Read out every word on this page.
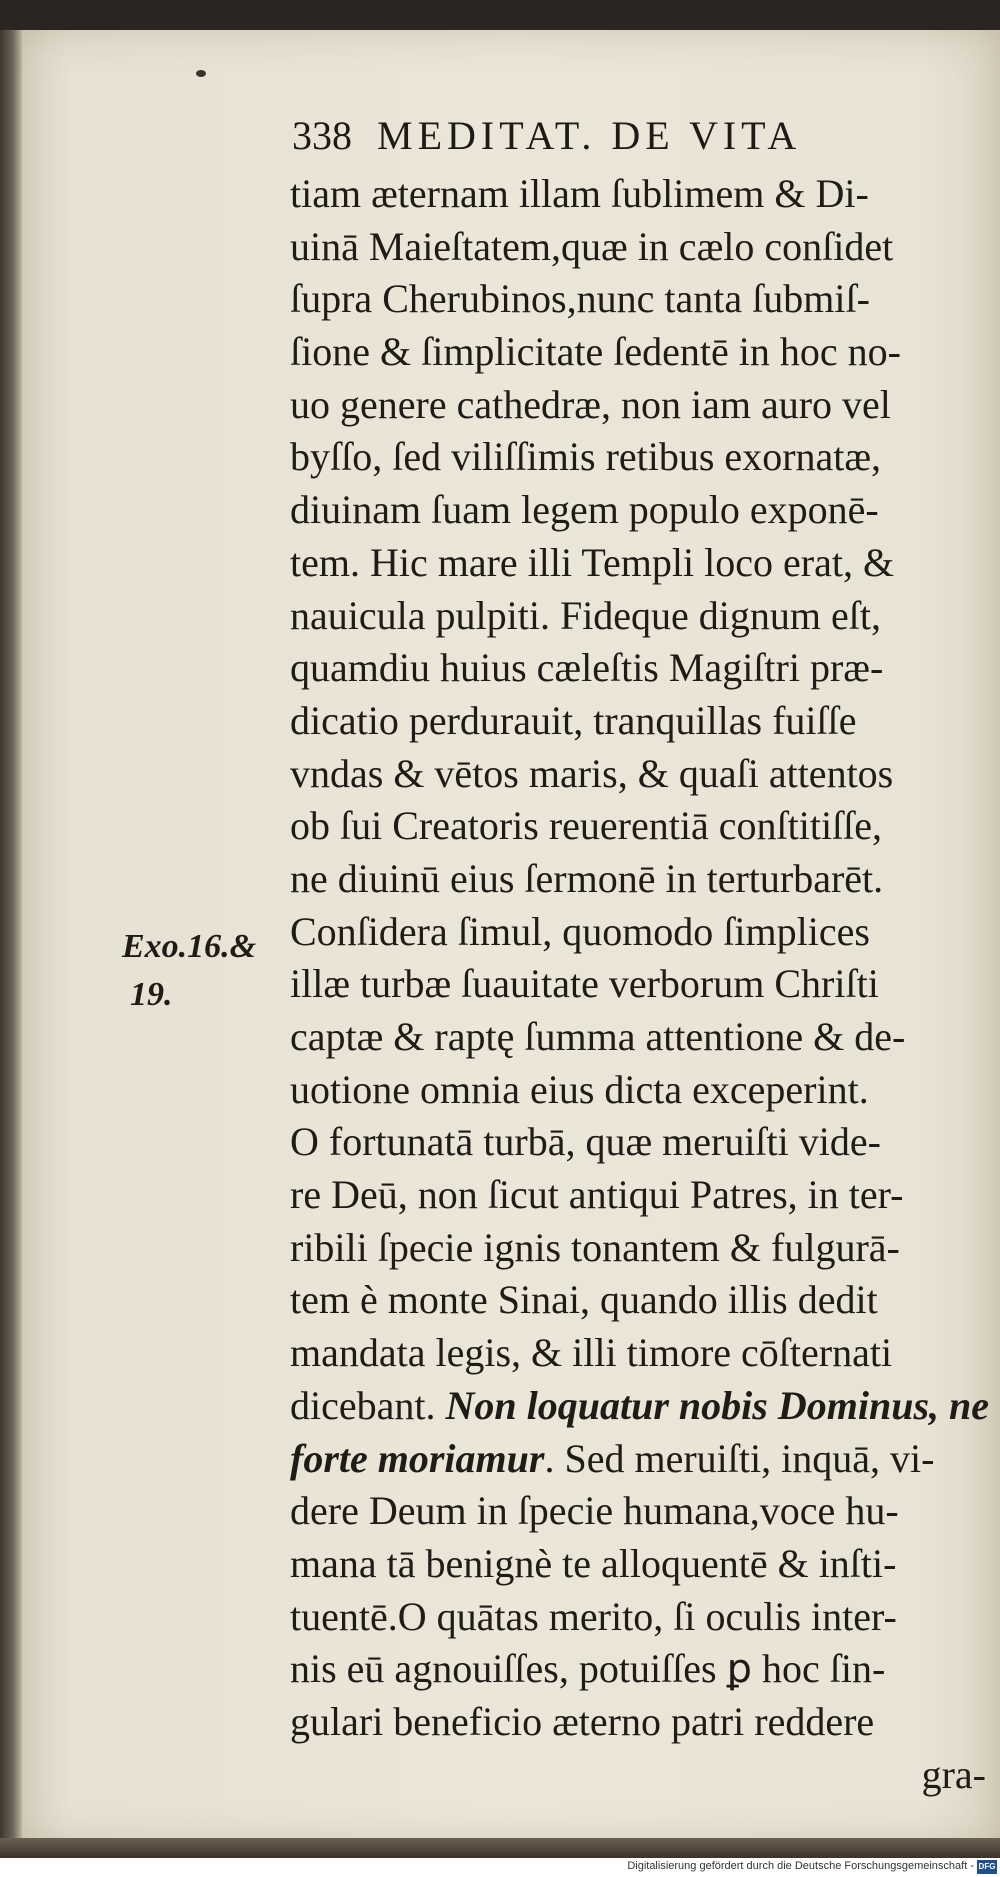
338 MEDITAT. DE VITA
tiam æternam illam ſublimem & Di-
uinā Maieſtatem,quæ in cælo conſidet
ſupra Cherubinos,nunc tanta ſubmiſ-
ſione & ſimplicitate ſedentē in hoc no-
uo genere cathedræ, non iam auro vel
byſſo, ſed viliſſimis retibus exornatæ,
diuinam ſuam legem populo exponē-
tem. Hic mare illi Templi loco erat, &
nauicula pulpiti. Fideque dignum eſt,
quamdiu huius cæleſtis Magiſtri præ-
dicatio perdurauit, tranquillas fuiſſe
vndas & vētos maris, & quaſi attentos
ob ſui Creatoris reuerentiā conſtitiſſe,
ne diuinū eius ſermonē in terturbarēt.
Conſidera ſimul, quomodo ſimplices
illæ turbæ ſuauitate verborum Chriſti
captæ & raptę ſumma attentione & de-
uotione omnia eius dicta exceperint.
O fortunatā turbā, quæ meruiſti vide-
re Deū, non ſicut antiqui Patres, in ter-
ribili ſpecie ignis tonantem & fulgurā-
tem è monte Sinai, quando illis dedit
mandata legis, & illi timore cōſternati
dicebant. Non loquatur nobis Dominus, ne
forte moriamur. Sed meruiſti, inquā, vi-
dere Deum in ſpecie humana,voce hu-
mana tā benignè te alloquentē & inſti-
tuentē.O quātas merito, ſi oculis inter-
nis eū agnouiſſes, potuiſſes ꝑ hoc ſin-
gulari beneficio æterno patri reddere
gra-
Exo.16.&
19.
Digitalisierung gefördert durch die Deutsche Forschungsgemeinschaft - DFG
